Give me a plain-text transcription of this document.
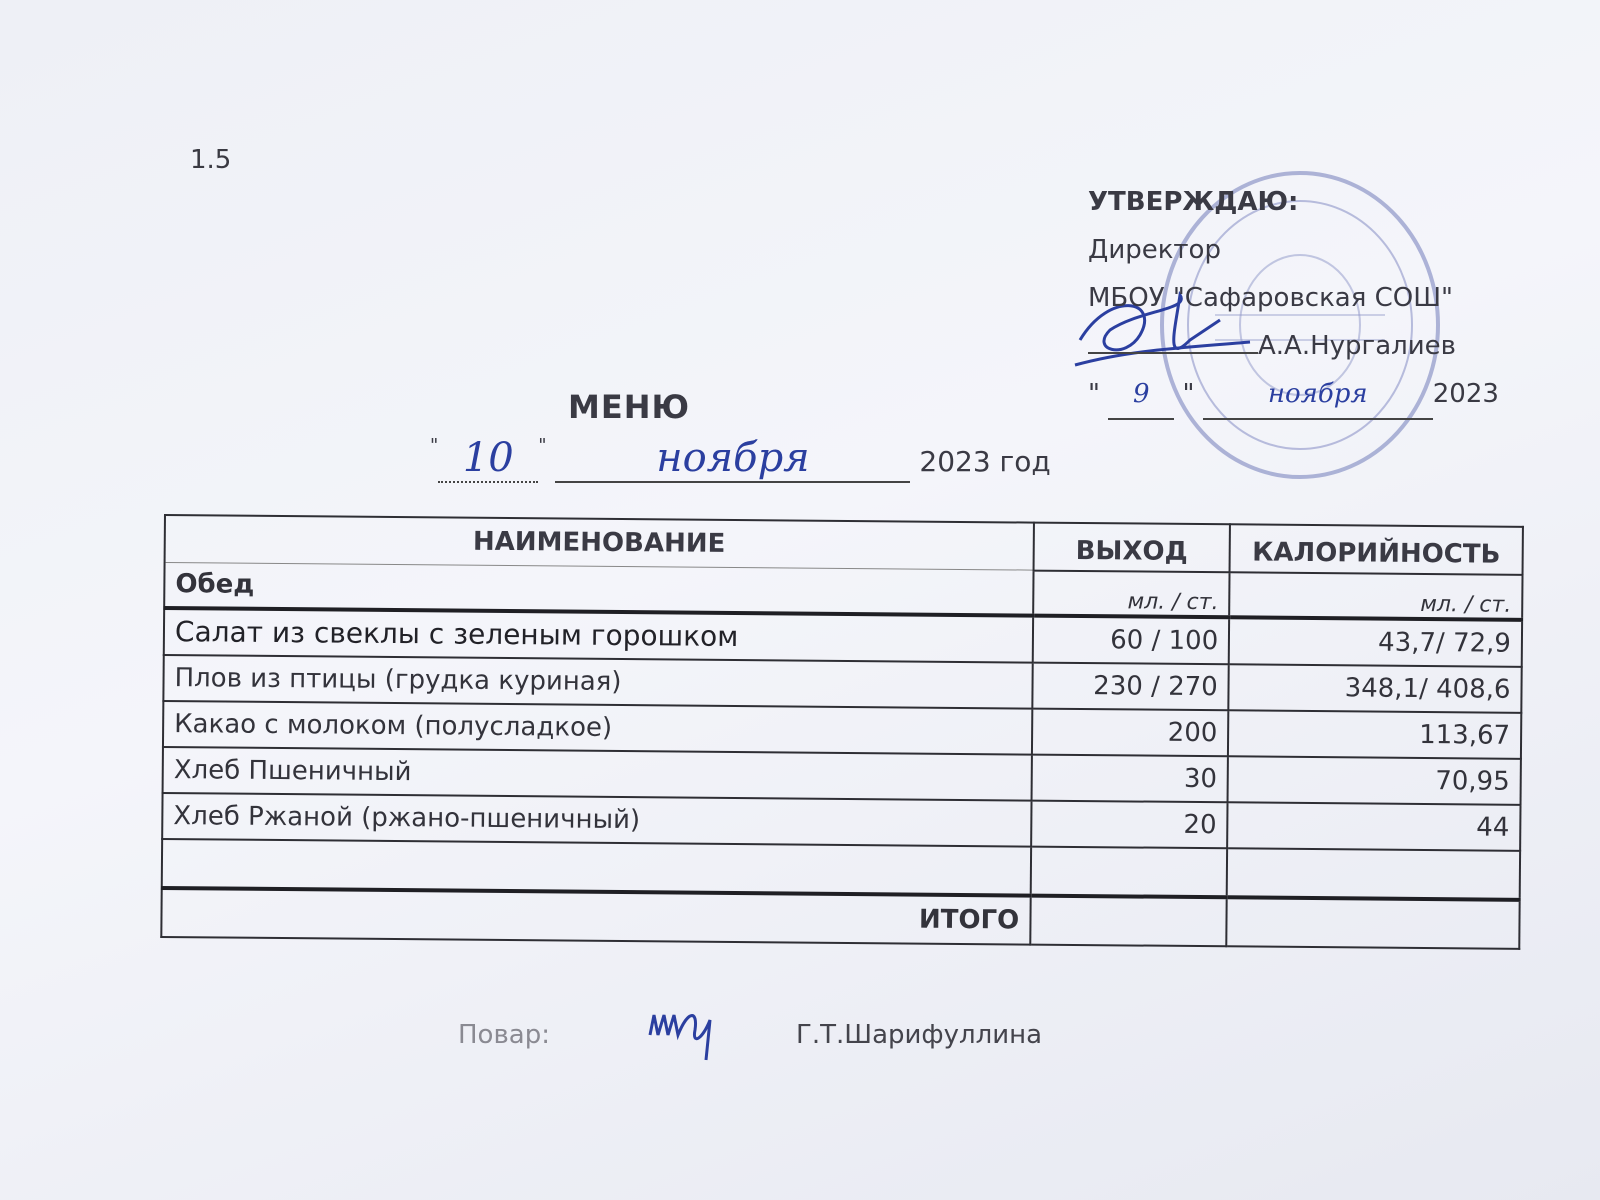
1.5
УТВЕРЖДАЮ:
Директор
МБОУ "Сафаровская СОШ"
А.А.Нургалиев
" 9 "	ноября	2023
МЕНЮ
" 10 "	ноября	2023 год
НАИМЕНОВАНИЕ	ВЫХОД	КАЛОРИЙНОСТЬ
Обед		
	мл. / ст.	мл. / ст.
Салат из свеклы с зеленым горошком	60 / 100	43,7/ 72,9
Плов из птицы (грудка куриная)	230 / 270	348,1/ 408,6
Какао с молоком (полусладкое)	200	113,67
Хлеб Пшеничный	30	70,95
Хлеб Ржаной (ржано-пшеничный)	20	44

ИТОГО		
Повар:	Г.Т.Шарифуллина
